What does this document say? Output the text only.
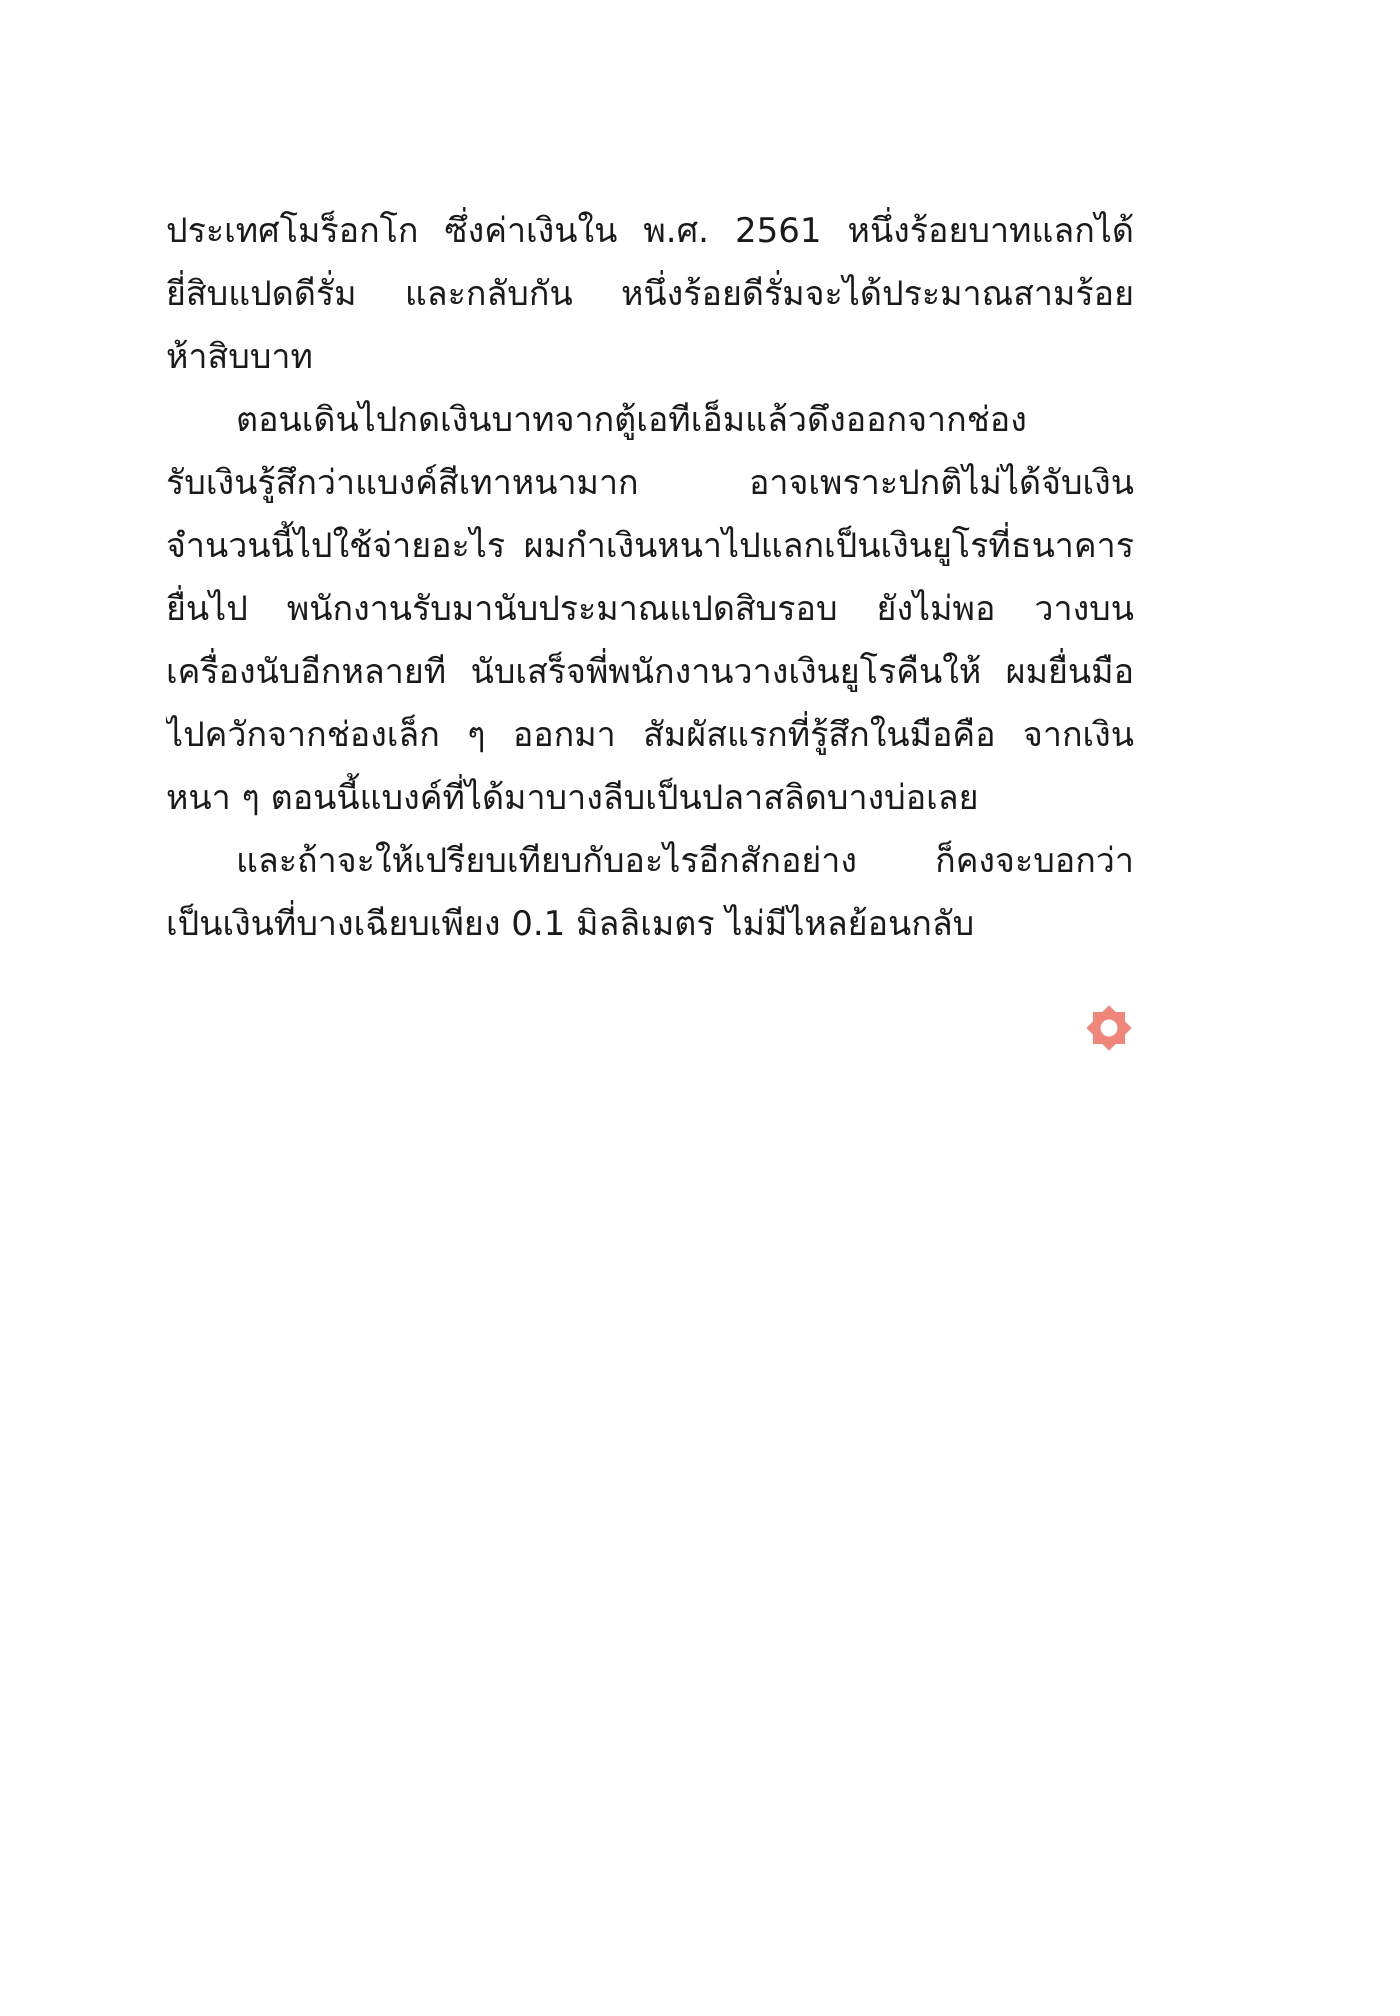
ประเทศโมร็อกโก ซึ่งค่าเงินใน พ.ศ. 2561 หนึ่งร้อยบาทแลกได้
ยี่สิบแปดดีรั่ม และกลับกัน หนึ่งร้อยดีรั่มจะได้ประมาณสามร้อย
ห้าสิบบาท
ตอนเดินไปกดเงินบาทจากตู้เอทีเอ็มแล้วดึงออกจากช่อง
รับเงินรู้สึกว่าแบงค์สีเทาหนามาก อาจเพราะปกติไม่ได้จับเงิน
จำนวนนี้ไปใช้จ่ายอะไร ผมกำเงินหนาไปแลกเป็นเงินยูโรที่ธนาคาร
ยื่นไป พนักงานรับมานับประมาณแปดสิบรอบ ยังไม่พอ วางบน
เครื่องนับอีกหลายที นับเสร็จพี่พนักงานวางเงินยูโรคืนให้ ผมยื่นมือ
ไปควักจากช่องเล็ก ๆ ออกมา สัมผัสแรกที่รู้สึกในมือคือ จากเงิน
หนา ๆ ตอนนี้แบงค์ที่ได้มาบางลีบเป็นปลาสลิดบางบ่อเลย
และถ้าจะให้เปรียบเทียบกับอะไรอีกสักอย่าง ก็คงจะบอกว่า
เป็นเงินที่บางเฉียบเพียง 0.1 มิลลิเมตร ไม่มีไหลย้อนกลับ
